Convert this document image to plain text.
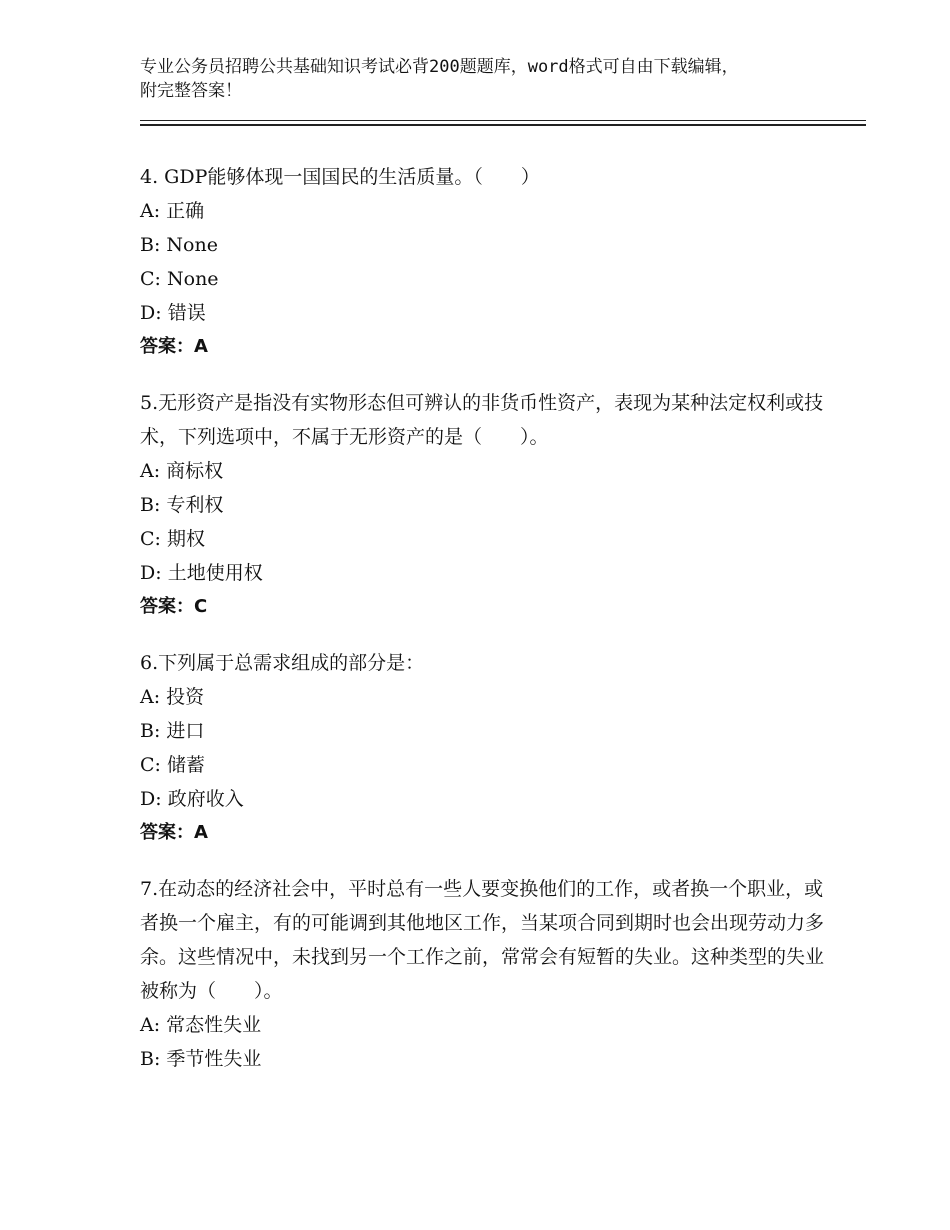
专业公务员招聘公共基础知识考试必背200题题库，word格式可自由下载编辑，
附完整答案！

4. GDP能够体现一国国民的生活质量。（　　）

A: 正确

B: None

C: None

D: 错误

答案：A

5.无形资产是指没有实物形态但可辨认的非货币性资产，表现为某种法定权利或技术，下列选项中，不属于无形资产的是（　　）。

A: 商标权

B: 专利权

C: 期权

D: 土地使用权

答案：C

6.下列属于总需求组成的部分是：

A: 投资

B: 进口

C: 储蓄

D: 政府收入

答案：A

7.在动态的经济社会中，平时总有一些人要变换他们的工作，或者换一个职业，或者换一个雇主，有的可能调到其他地区工作，当某项合同到期时也会出现劳动力多余。这些情况中，未找到另一个工作之前，常常会有短暂的失业。这种类型的失业被称为（　　）。

A: 常态性失业

B: 季节性失业
